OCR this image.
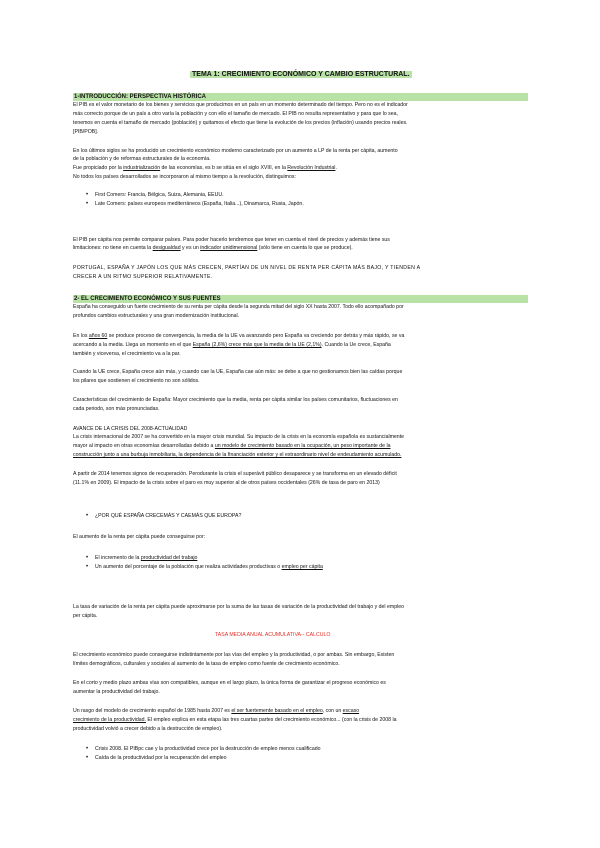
TEMA 1: CRECIMIENTO ECONÓMICO Y CAMBIO ESTRUCTURAL.
1-INTRODUCCIÓN: PERSPECTIVA HISTÓRICA
El PIB es el valor monetario de los bienes y servicios que producimos en un país en un momento determinado del tiempo. Pero no es el indicador
más correcto porque de un país a otro varía la población y con ello el tamaño de mercado. El PIB no resulta representativo y para que lo sea,
tenemos en cuenta el tamaño de mercado (población) y quitamos el efecto que tiene la evolución de los precios (inflación) usando precios reales.
[PIB/POB].
En los últimos siglos se ha producido un crecimiento económico moderno caracterizado por un aumento a LP de la renta per cápita, aumento
de la población y de reformas estructurales de la economía.
Fue propiciado por la industrialización de las economías, es b se sitúa en el siglo XVIII, en la Revolución Industrial.
No todos los países desarrollados se incorporaron al mismo tiempo a la revolución, distinguimos:
•	First Comers: Francia, Bélgica, Suiza, Alemania, EEUU.
•	Late Comers: países europeos mediterráneos (España, Italia...), Dinamarca, Rusia, Japón.
El PIB per cápita nos permite comparar países. Para poder hacerlo tendremos que tener en cuenta el nivel de precios y además tiene sus
limitaciones: no tiene en cuenta la desigualdad y es un indicador unidimensional (sólo tiene en cuenta lo que se produce).
PORTUGAL, ESPAÑA Y JAPÓN LOS QUE MÁS CRECEN, PARTÍAN DE UN NIVEL DE RENTA PER CÁPITA MÁS BAJO, Y TIENDEN A
CRECER A UN RITMO SUPERIOR RELATIVAMENTE.
2- EL CRECIMIENTO ECONÓMICO Y SUS FUENTES
España ha conseguido un fuerte crecimiento de su renta per cápita desde la segunda mitad del siglo XX hasta 2007. Todo ello acompañado por
profundos cambios estructurales y una gran modernización institucional.
En los años 60 se produce proceso de convergencia, la media de la UE va avanzando pero España va creciendo por detrás y más rápido, se va
acercando a la media. Llega un momento en el que España (2,6%) crece más que la media de la UE (2,1%). Cuando la Ue crece, España
también y viceversa, el crecimiento va a la par.
Cuando la UE crece, España crece aún más, y cuando cae la UE, España cae aún más: se debe a que no gestionamos bien las caídas porque
los pilares que sostienen el crecimiento no son sólidos.
Características del crecimiento de España: Mayor crecimiento que la media, renta per cápita similar los países comunitarios, fluctuaciones en
cada periodo, son más pronunciadas.
AVANCE DE LA CRISIS DEL 2008-ACTUALIDAD
La crisis internacional de 2007 se ha convertido en la mayor crisis mundial. Su impacto de la crisis en la economía española es sustancialmente
mayor al impacto en otras economías desarrolladas debido a un modelo de crecimiento basado en la ocupación, un peso importante de la
construcción junto a una burbuja inmobiliaria, la dependencia de la financiación exterior y el extraordinario nivel de endeudamiento acumulado.
A partir de 2014 tenemos signos de recuperación. Perodurante la crisis el superávit público desaparece y se transforma en un elevado déficit
(11.1% en 2009). El impacto de la crisis sobre el paro es muy superior al de otros países occidentales (26% de tasa de paro en 2013)
•	¿POR QUÉ ESPAÑA CRECEMÁS Y CAEMÁS QUE EUROPA?
El aumento de la renta per cápita puede conseguirse por:
•	El incremento de la productividad del trabajo
•	Un aumento del porcentaje de la población que realiza actividades productivas o empleo per cápita
La tasa de variación de la renta per cápita puede aproximarse por la suma de las tasas de variación de la productividad del trabajo y del empleo
per cápita.
TASA MEDIA ANUAL ACUMULATIVA-- CALCULO
El crecimiento económico puede conseguirse indistintamente por las vías del empleo y la productividad, o por ambas. Sin embargo, Existen
límites demográficos, culturales y sociales al aumento de la tasa de empleo como fuente de crecimiento económico.
En el corto y medio plazo ambas vías son compatibles, aunque en el largo plazo, la única forma de garantizar el progreso económico es
aumentar la productividad del trabajo.
Un rasgo del modelo de crecimiento español de 1985 hasta 2007 es el ser fuertemente basado en el empleo, con un escaso
crecimiento de la productividad. El empleo explica en esta etapa las tres cuartas partes del crecimiento económico... (con la crisis de 2008 la
productividad volvió a crecer debido a la destrucción de empleo).
•	Crisis 2008. El PIBpc cae y la productividad crece por la destrucción de empleo menos cualificado
•	Caída de la productividad por la recuperación del empleo
